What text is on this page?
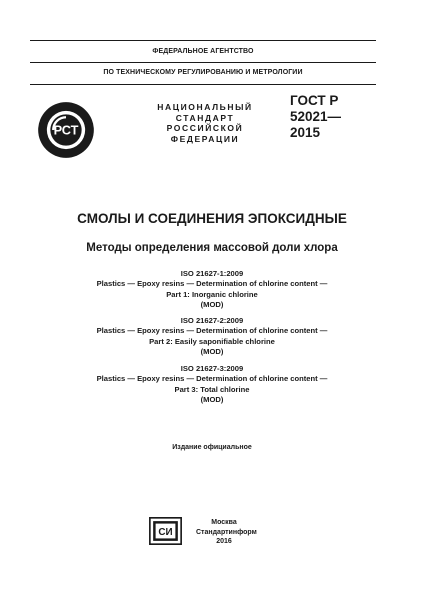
ФЕДЕРАЛЬНОЕ АГЕНТСТВО
ПО ТЕХНИЧЕСКОМУ РЕГУЛИРОВАНИЮ И МЕТРОЛОГИИ
РСТ
НАЦИОНАЛЬНЫЙ
СТАНДАРТ
РОССИЙСКОЙ
ФЕДЕРАЦИИ
ГОСТ Р
52021—
2015
СМОЛЫ И СОЕДИНЕНИЯ ЭПОКСИДНЫЕ
Методы определения массовой доли хлора
ISO 21627-1:2009
Plastics — Epoxy resins — Determination of chlorine content —
Part 1: Inorganic chlorine
(MOD)
ISO 21627-2:2009
Plastics — Epoxy resins — Determination of chlorine content —
Part 2: Easily saponifiable chlorine
(MOD)
ISO 21627-3:2009
Plastics — Epoxy resins — Determination of chlorine content —
Part 3: Total chlorine
(MOD)
Издание официальное
СИ
Москва
Стандартинформ
2016
